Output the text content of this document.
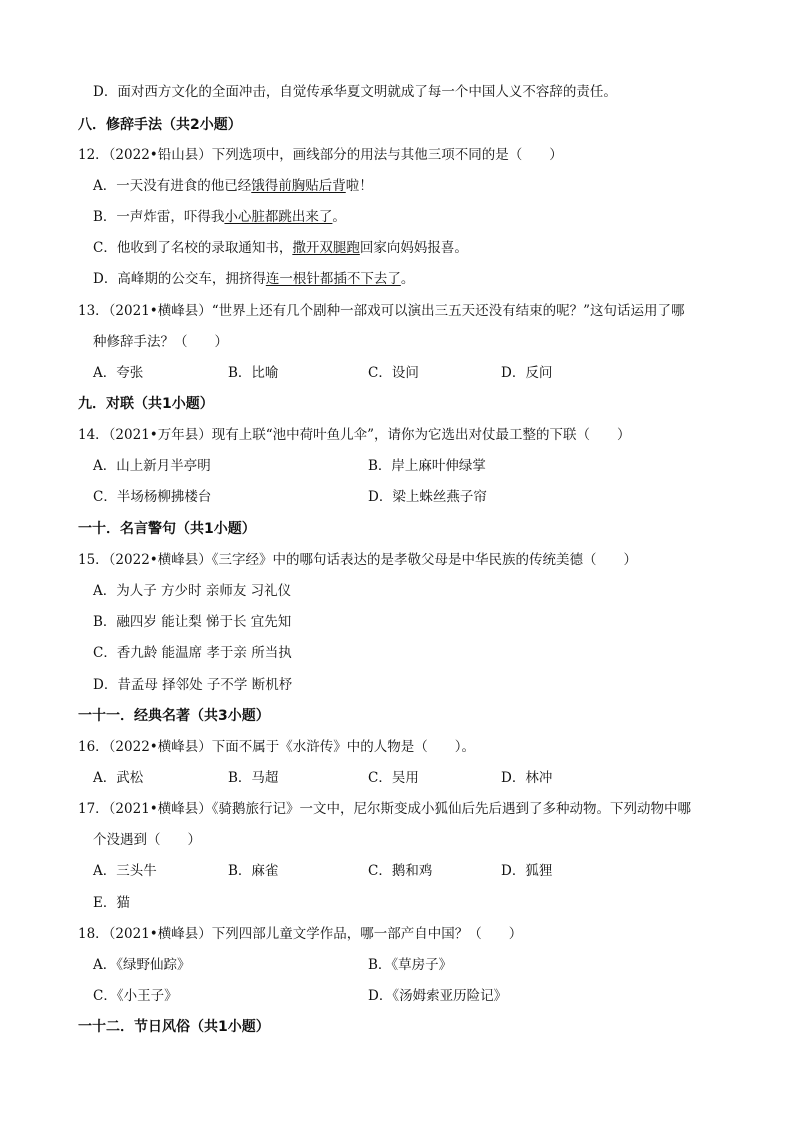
D．面对西方文化的全面冲击，自觉传承华夏文明就成了每一个中国人义不容辞的责任。
八．修辞手法（共2小题）
12．（2022•铅山县）下列选项中，画线部分的用法与其他三项不同的是（　　）
A．一天没有进食的他已经饿得前胸贴后背啦！
B．一声炸雷，吓得我小心脏都跳出来了。
C．他收到了名校的录取通知书，撒开双腿跑回家向妈妈报喜。
D．高峰期的公交车，拥挤得连一根针都插不下去了。
13．（2021•横峰县）“世界上还有几个剧种一部戏可以演出三五天还没有结束的呢？”这句话运用了哪
种修辞手法？（　　）
A．夸张	B．比喻	C．设问	D．反问
九．对联（共1小题）
14．（2021•万年县）现有上联“池中荷叶鱼儿伞”，请你为它选出对仗最工整的下联（　　）
A．山上新月半亭明	B．岸上麻叶伸绿掌
C．半场杨柳拂楼台	D．梁上蛛丝燕子帘
一十．名言警句（共1小题）
15．（2022•横峰县）《三字经》中的哪句话表达的是孝敬父母是中华民族的传统美德（　　）
A．为人子 方少时 亲师友 习礼仪
B．融四岁 能让梨 悌于长 宜先知
C．香九龄 能温席 孝于亲 所当执
D．昔孟母 择邻处 子不学 断机杼
一十一．经典名著（共3小题）
16．（2022•横峰县）下面不属于《水浒传》中的人物是（　　）。
A．武松	B．马超	C．吴用	D．林冲
17．（2021•横峰县）《骑鹅旅行记》一文中，尼尔斯变成小狐仙后先后遇到了多种动物。下列动物中哪
个没遇到（　　）
A．三头牛	B．麻雀	C．鹅和鸡	D．狐狸
E．猫
18．（2021•横峰县）下列四部儿童文学作品，哪一部产自中国？（　　）
A．《绿野仙踪》	B．《草房子》
C．《小王子》	D．《汤姆索亚历险记》
一十二．节日风俗（共1小题）
